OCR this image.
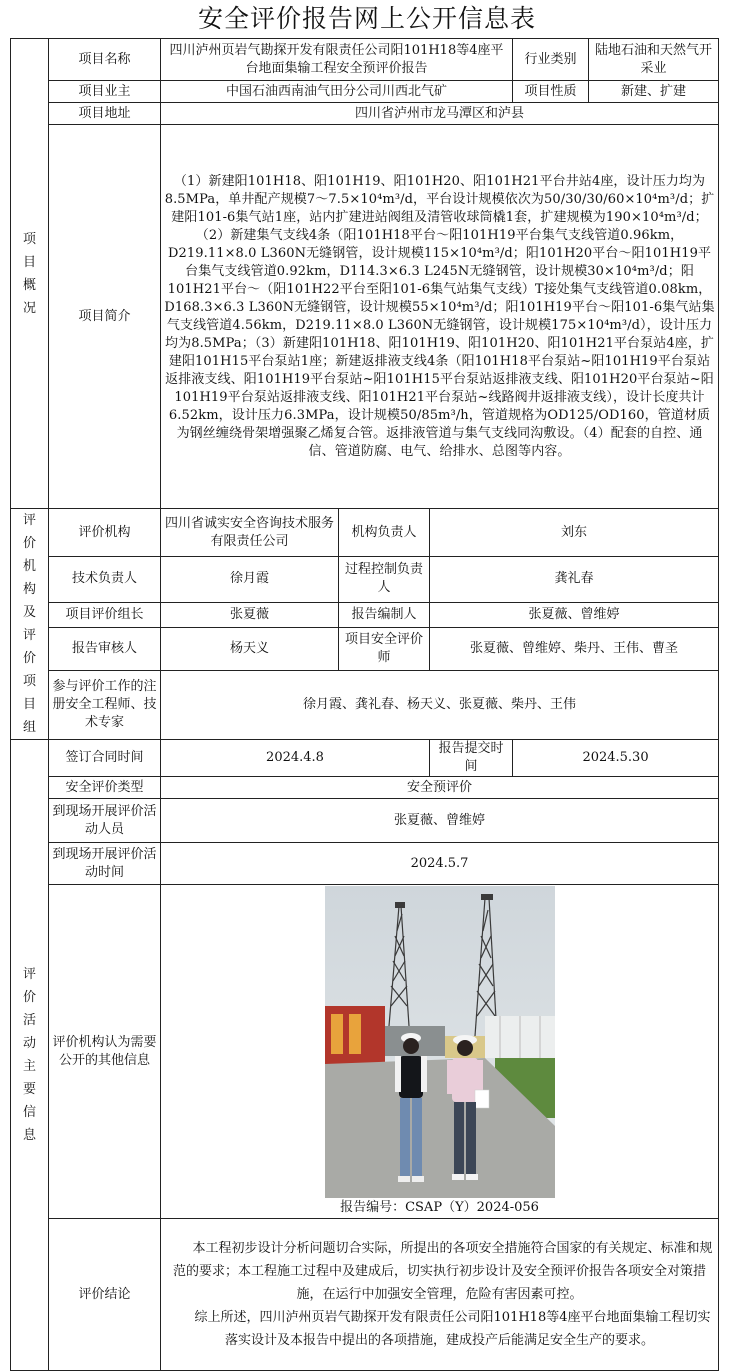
安全评价报告网上公开信息表
项目概况	项目名称	四川泸州页岩气勘探开发有限责任公司阳101H18等4座平台地面集输工程安全预评价报告			行业类别	陆地石油和天然气开采业
	项目业主	中国石油西南油气田分公司川西北气矿			项目性质	新建、扩建
	项目地址	四川省泸州市龙马潭区和泸县				
	项目简介	（1）新建阳101H18、阳101H19、阳101H20、阳101H21平台井站4座，设计压力均为8.5MPa，单井配产规模7～7.5×10⁴m³/d，平台设计规模依次为50/30/30/60×10⁴m³/d；扩建阳101-6集气站1座，站内扩建进站阀组及清管收球筒橇1套，扩建规模为190×10⁴m³/d；（2）新建集气支线4条（阳101H18平台～阳101H19平台集气支线管道0.96km，D219.11×8.0 L360N无缝钢管，设计规模115×10⁴m³/d；阳101H20平台～阳101H19平台集气支线管道0.92km，D114.3×6.3 L245N无缝钢管，设计规模30×10⁴m³/d；阳101H21平台～（阳101H22平台至阳101-6集气站集气支线）T接处集气支线管道0.08km，D168.3×6.3 L360N无缝钢管，设计规模55×10⁴m³/d；阳101H19平台～阳101-6集气站集气支线管道4.56km，D219.11×8.0 L360N无缝钢管，设计规模175×10⁴m³/d），设计压力均为8.5MPa；（3）新建阳101H18、阳101H19、阳101H20、阳101H21平台泵站4座，扩建阳101H15平台泵站1座；新建返排液支线4条（阳101H18平台泵站~阳101H19平台泵站返排液支线、阳101H19平台泵站~阳101H15平台泵站返排液支线、阳101H20平台泵站~阳101H19平台泵站返排液支线、阳101H21平台泵站~线路阀井返排液支线），设计长度共计6.52km，设计压力6.3MPa，设计规模50/85m³/h，管道规格为OD125/OD160，管道材质为钢丝缠绕骨架增强聚乙烯复合管。返排液管道与集气支线同沟敷设。（4）配套的自控、通信、管道防腐、电气、给排水、总图等内容。				
评价机构及评价项目组	评价机构	四川省诚实安全咨询技术服务有限责任公司	机构负责人	刘东		
	技术负责人	徐月霞	过程控制负责人	龚礼春		
	项目评价组长	张夏薇	报告编制人	张夏薇、曾维婷		
	报告审核人	杨天义	项目安全评价师	张夏薇、曾维婷、柴丹、王伟、曹圣		
	参与评价工作的注册安全工程师、技术专家	徐月霞、龚礼春、杨天义、张夏薇、柴丹、王伟				
评价活动主要信息	签订合同时间	2024.4.8		报告提交时间	2024.5.30	
	安全评价类型	安全预评价				
	到现场开展评价活动人员	张夏薇、曾维婷				
	到现场开展评价活动时间	2024.5.7				
	评价机构认为需要公开的其他信息	报告编号：CSAP（Y）2024-056				

	评价结论	本工程初步设计分析问题切合实际，所提出的各项安全措施符合国家的有关规定、标准和规范的要求；本工程施工过程中及建成后，切实执行初步设计及安全预评价报告各项安全对策措施，在运行中加强安全管理，危险有害因素可控。

综上所述，四川泸州页岩气勘探开发有限责任公司阳101H18等4座平台地面集输工程切实落实设计及本报告中提出的各项措施，建成投产后能满足安全生产的要求。				
